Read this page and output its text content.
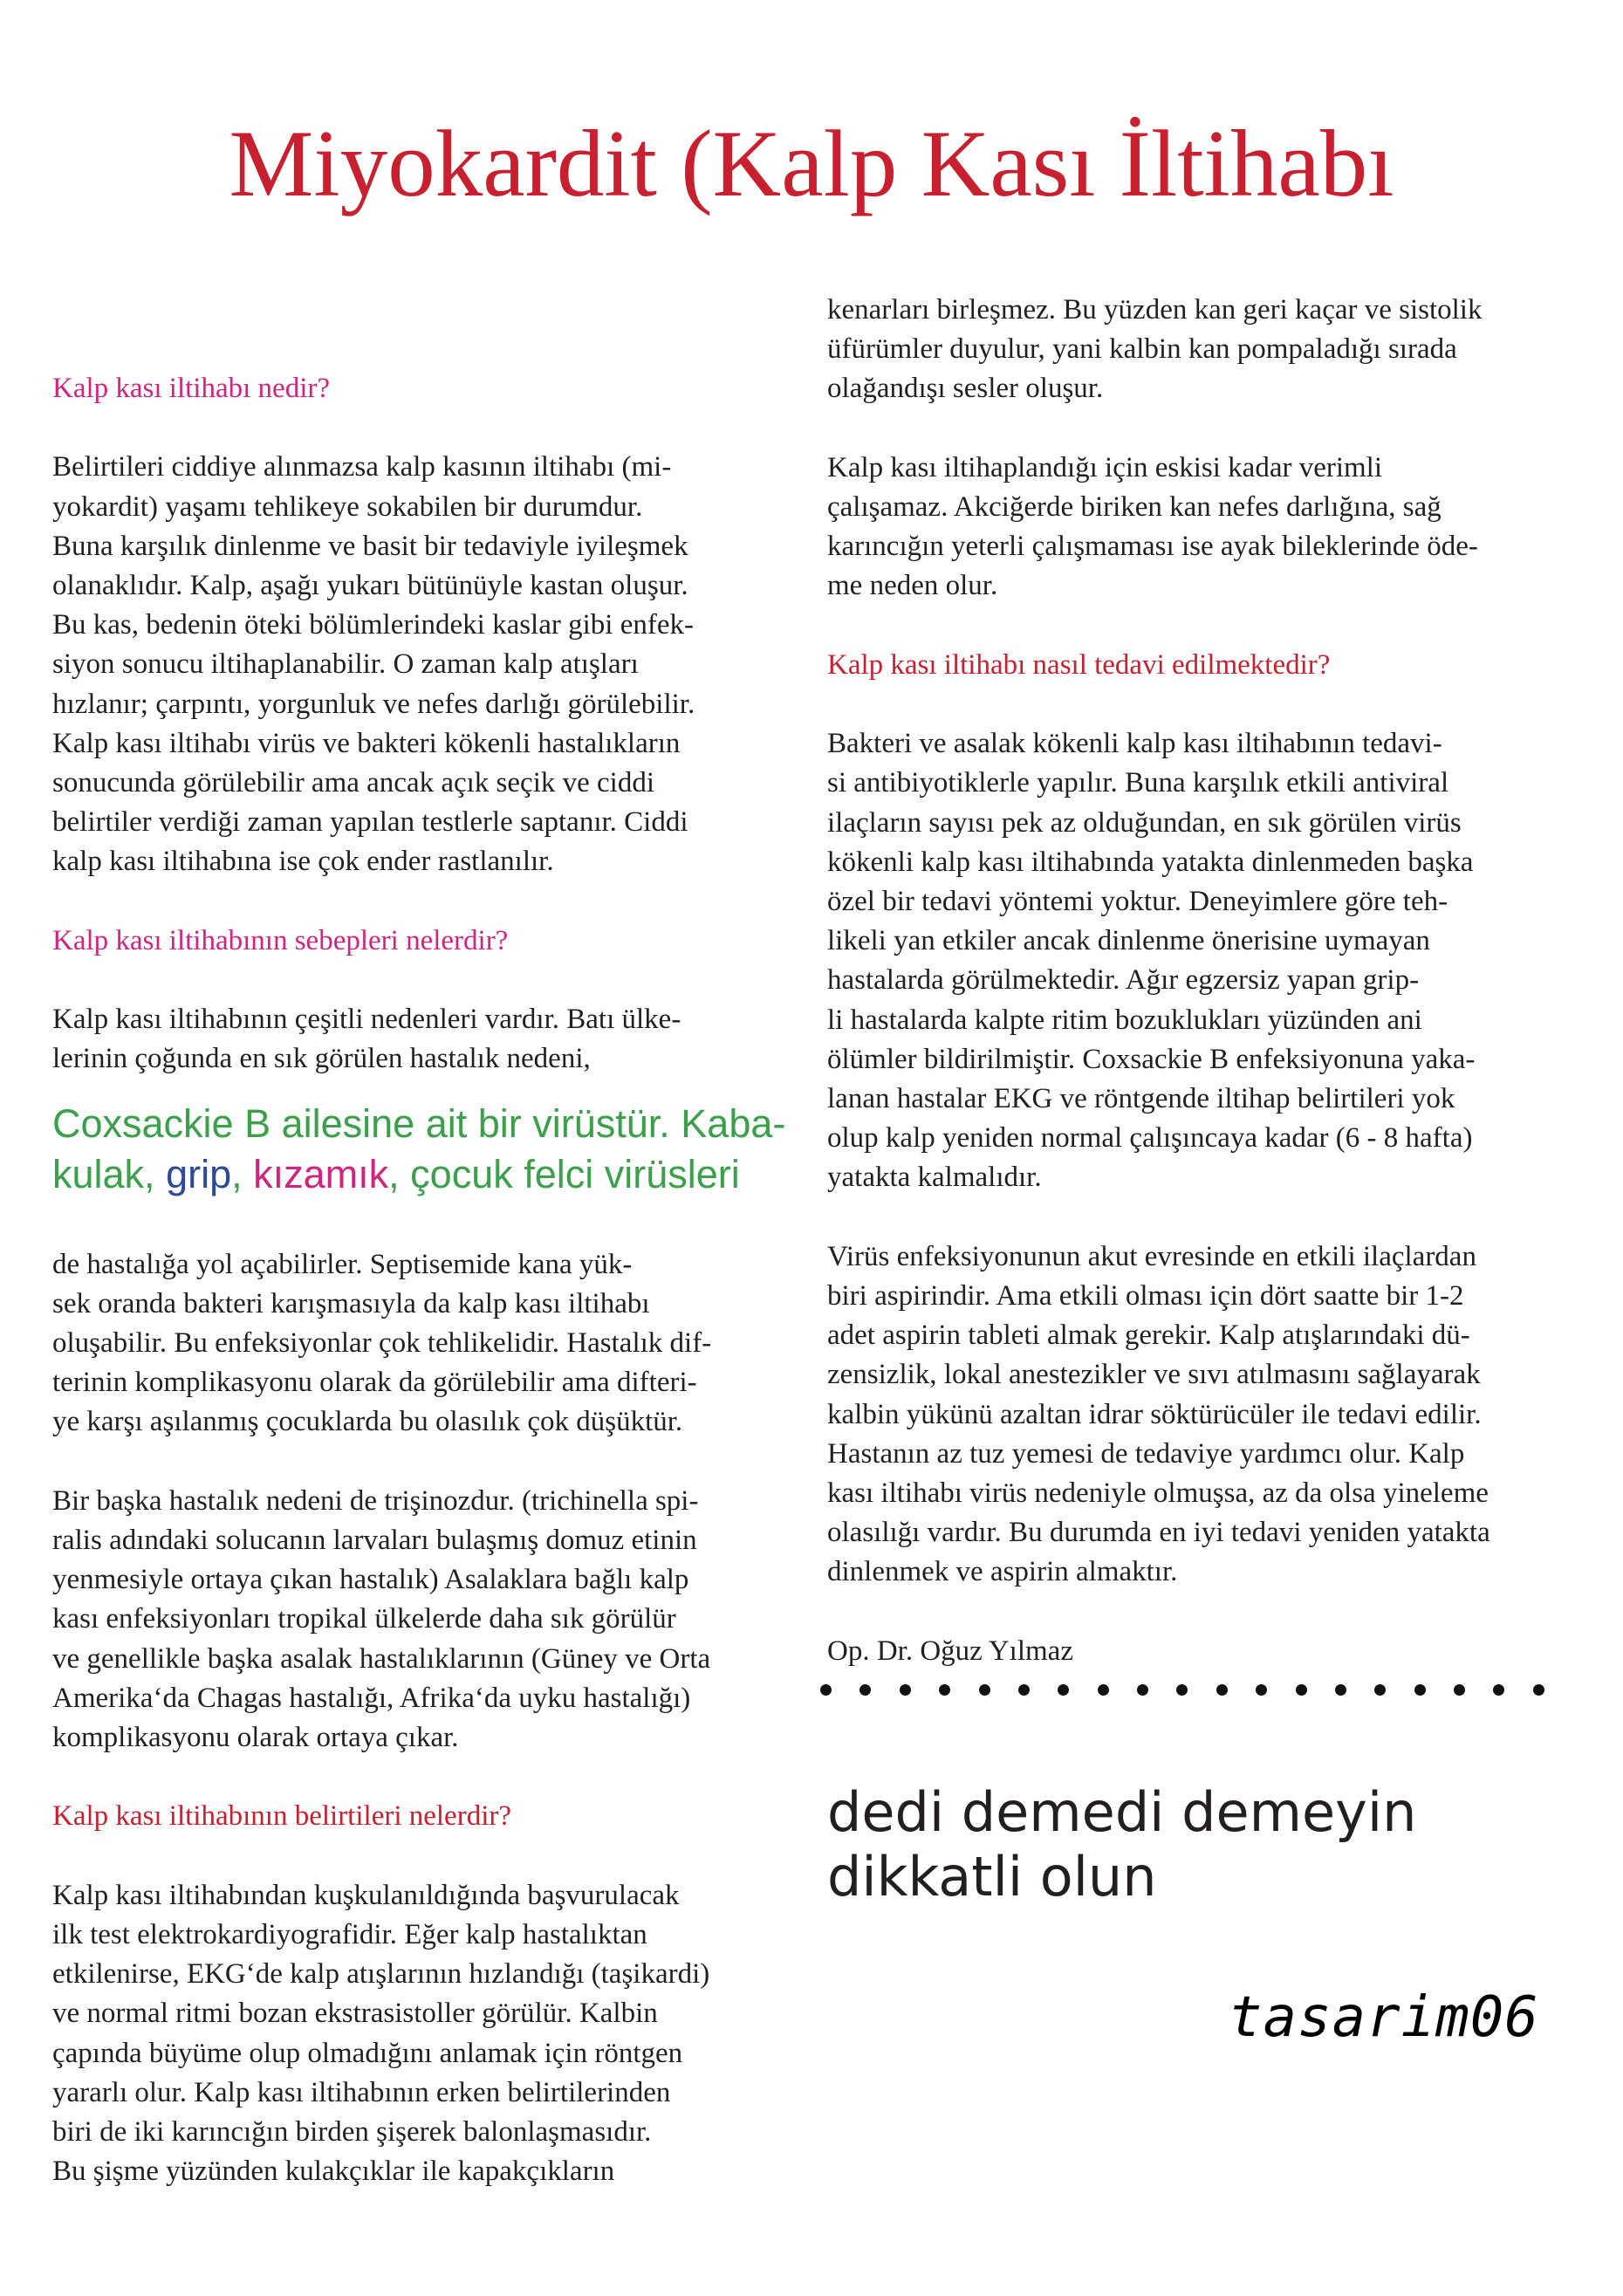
Miyokardit (Kalp Kası İltihabı

Kalp kası iltihabı nedir?

Belirtileri ciddiye alınmazsa kalp kasının iltihabı (mi-
yokardit) yaşamı tehlikeye sokabilen bir durumdur.
Buna karşılık dinlenme ve basit bir tedaviyle iyileşmek
olanaklıdır. Kalp, aşağı yukarı bütünüyle kastan oluşur.
Bu kas, bedenin öteki bölümlerindeki kaslar gibi enfek-
siyon sonucu iltihaplanabilir. O zaman kalp atışları
hızlanır; çarpıntı, yorgunluk ve nefes darlığı görülebilir.
Kalp kası iltihabı virüs ve bakteri kökenli hastalıkların
sonucunda görülebilir ama ancak açık seçik ve ciddi
belirtiler verdiği zaman yapılan testlerle saptanır. Ciddi
kalp kası iltihabına ise çok ender rastlanılır.

Kalp kası iltihabının sebepleri nelerdir?

Kalp kası iltihabının çeşitli nedenleri vardır. Batı ülke-
lerinin çoğunda en sık görülen hastalık nedeni,

Coxsackie B ailesine ait bir virüstür. Kaba-
kulak, grip, kızamık, çocuk felci virüsleri

de hastalığa yol açabilirler. Septisemide kana yük-
sek oranda bakteri karışmasıyla da kalp kası iltihabı
oluşabilir. Bu enfeksiyonlar çok tehlikelidir. Hastalık dif-
terinin komplikasyonu olarak da görülebilir ama difteri-
ye karşı aşılanmış çocuklarda bu olasılık çok düşüktür.

Bir başka hastalık nedeni de trişinozdur. (trichinella spi-
ralis adındaki solucanın larvaları bulaşmış domuz etinin
yenmesiyle ortaya çıkan hastalık) Asalaklara bağlı kalp
kası enfeksiyonları tropikal ülkelerde daha sık görülür
ve genellikle başka asalak hastalıklarının (Güney ve Orta
Amerika‘da Chagas hastalığı, Afrika‘da uyku hastalığı)
komplikasyonu olarak ortaya çıkar.

Kalp kası iltihabının belirtileri nelerdir?

Kalp kası iltihabından kuşkulanıldığında başvurulacak
ilk test elektrokardiyografidir. Eğer kalp hastalıktan
etkilenirse, EKG‘de kalp atışlarının hızlandığı (taşikardi)
ve normal ritmi bozan ekstrasistoller görülür. Kalbin
çapında büyüme olup olmadığını anlamak için röntgen
yararlı olur. Kalp kası iltihabının erken belirtilerinden
biri de iki karıncığın birden şişerek balonlaşmasıdır.
Bu şişme yüzünden kulakçıklar ile kapakçıkların

kenarları birleşmez. Bu yüzden kan geri kaçar ve sistolik
üfürümler duyulur, yani kalbin kan pompaladığı sırada
olağandışı sesler oluşur.

Kalp kası iltihaplandığı için eskisi kadar verimli
çalışamaz. Akciğerde biriken kan nefes darlığına, sağ
karıncığın yeterli çalışmaması ise ayak bileklerinde öde-
me neden olur.

Kalp kası iltihabı nasıl tedavi edilmektedir?

Bakteri ve asalak kökenli kalp kası iltihabının tedavi-
si antibiyotiklerle yapılır. Buna karşılık etkili antiviral
ilaçların sayısı pek az olduğundan, en sık görülen virüs
kökenli kalp kası iltihabında yatakta dinlenmeden başka
özel bir tedavi yöntemi yoktur. Deneyimlere göre teh-
likeli yan etkiler ancak dinlenme önerisine uymayan
hastalarda görülmektedir. Ağır egzersiz yapan grip-
li hastalarda kalpte ritim bozuklukları yüzünden ani
ölümler bildirilmiştir. Coxsackie B enfeksiyonuna yaka-
lanan hastalar EKG ve röntgende iltihap belirtileri yok
olup kalp yeniden normal çalışıncaya kadar (6 - 8 hafta)
yatakta kalmalıdır.

Virüs enfeksiyonunun akut evresinde en etkili ilaçlardan
biri aspirindir. Ama etkili olması için dört saatte bir 1-2
adet aspirin tableti almak gerekir. Kalp atışlarındaki dü-
zensizlik, lokal anestezikler ve sıvı atılmasını sağlayarak
kalbin yükünü azaltan idrar söktürücüler ile tedavi edilir.
Hastanın az tuz yemesi de tedaviye yardımcı olur. Kalp
kası iltihabı virüs nedeniyle olmuşsa, az da olsa yineleme
olasılığı vardır. Bu durumda en iyi tedavi yeniden yatakta
dinlenmek ve aspirin almaktır.

Op. Dr. Oğuz Yılmaz

dedi demedi demeyin dikkatli olun

tasarim06
